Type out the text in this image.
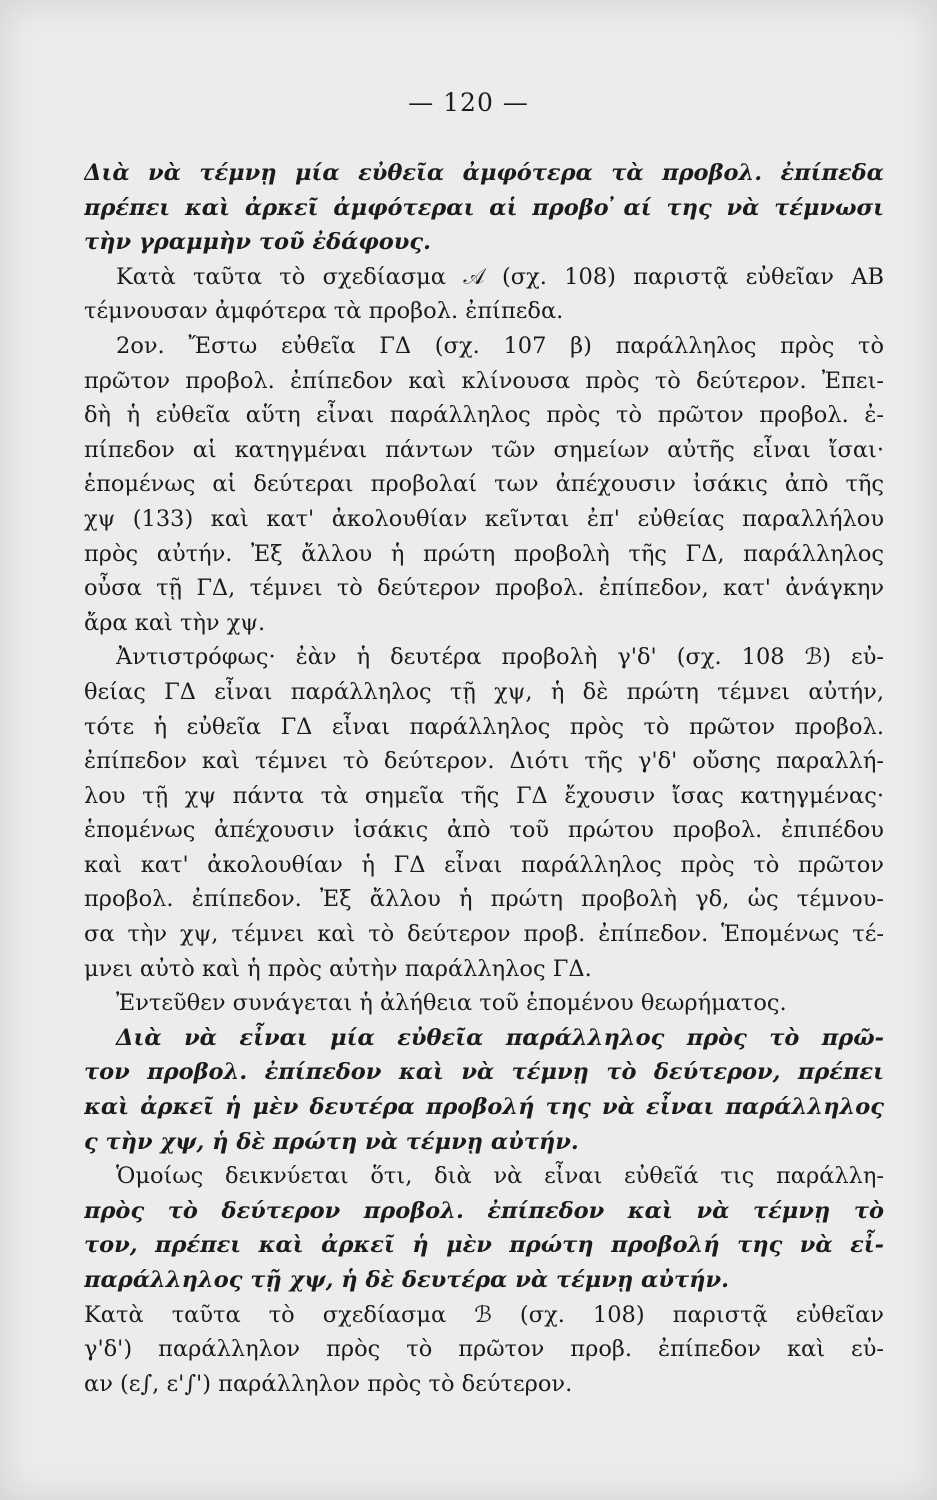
— 120 —
Διὰ νὰ τέμνῃ μία εὐθεῖα ἀμφότερα τὰ προβολ. ἐπίπεδα
πρέπει καὶ ἀρκεῖ ἀμφότεραι αἱ προβο ̓αί της νὰ τέμνωσι
τὴν γραμμὴν τοῦ ἐδάφους.
Κατὰ ταῦτα τὸ σχεδίασμα 𝒜 (σχ. 108) παριστᾷ εὐθεῖαν ΑΒ
τέμνουσαν ἀμφότερα τὰ προβολ. ἐπίπεδα.
2ον. Ἔστω εὐθεῖα ΓΔ (σχ. 107 β) παράλληλος πρὸς τὸ
πρῶτον προβολ. ἐπίπεδον καὶ κλίνουσα πρὸς τὸ δεύτερον. Ἐπει-
δὴ ἡ εὐθεῖα αὕτη εἶναι παράλληλος πρὸς τὸ πρῶτον προβολ. ἐ-
πίπεδον αἱ κατηγμέναι πάντων τῶν σημείων αὐτῆς εἶναι ἴσαι·
ἑπομένως αἱ δεύτεραι προβολαί των ἀπέχουσιν ἰσάκις ἀπὸ τῆς
χψ (133) καὶ κατ' ἀκολουθίαν κεῖνται ἐπ' εὐθείας παραλλήλου
πρὸς αὐτήν. Ἐξ ἄλλου ἡ πρώτη προβολὴ τῆς ΓΔ, παράλληλος
οὖσα τῇ ΓΔ, τέμνει τὸ δεύτερον προβολ. ἐπίπεδον, κατ' ἀνάγκην
ἄρα καὶ τὴν χψ.
Ἀντιστρόφως· ἐὰν ἡ δευτέρα προβολὴ γ'δ' (σχ. 108 ℬ) εὐ-
θείας ΓΔ εἶναι παράλληλος τῇ χψ, ἡ δὲ πρώτη τέμνει αὐτήν,
τότε ἡ εὐθεῖα ΓΔ εἶναι παράλληλος πρὸς τὸ πρῶτον προβολ.
ἐπίπεδον καὶ τέμνει τὸ δεύτερον. Διότι τῆς γ'δ' οὔσης παραλλή-
λου τῇ χψ πάντα τὰ σημεῖα τῆς ΓΔ ἔχουσιν ἴσας κατηγμένας·
ἑπομένως ἀπέχουσιν ἰσάκις ἀπὸ τοῦ πρώτου προβολ. ἐπιπέδου
καὶ κατ' ἀκολουθίαν ἡ ΓΔ εἶναι παράλληλος πρὸς τὸ πρῶτον
προβολ. ἐπίπεδον. Ἐξ ἄλλου ἡ πρώτη προβολὴ γδ, ὡς τέμνου-
σα τὴν χψ, τέμνει καὶ τὸ δεύτερον προβ. ἐπίπεδον. Ἑπομένως τέ-
μνει αὐτὸ καὶ ἡ πρὸς αὐτὴν παράλληλος ΓΔ.
Ἐντεῦθεν συνάγεται ἡ ἀλήθεια τοῦ ἑπομένου θεωρήματος.
Διὰ νὰ εἶναι μία εὐθεῖα παράλληλος πρὸς τὸ πρῶ-
τον προβολ. ἐπίπεδον καὶ νὰ τέμνῃ τὸ δεύτερον, πρέπει
καὶ ἀρκεῖ ἡ μὲν δευτέρα προβολή της νὰ εἶναι παράλληλος
ς τὴν χψ, ἡ δὲ πρώτη νὰ τέμνῃ αὐτήν.
Ὁμοίως δεικνύεται ὅτι, διὰ νὰ εἶναι εὐθεῖά τις παράλλη-
πρὸς τὸ δεύτερον προβολ. ἐπίπεδον καὶ νὰ τέμνῃ τὸ
τον, πρέπει καὶ ἀρκεῖ ἡ μὲν πρώτη προβολή της νὰ εἶ-
παράλληλος τῇ χψ, ἡ δὲ δευτέρα νὰ τέμνῃ αὐτήν.
Κατὰ ταῦτα τὸ σχεδίασμα ℬ (σχ. 108) παριστᾷ εὐθεῖαν
γ'δ') παράλληλον πρὸς τὸ πρῶτον προβ. ἐπίπεδον καὶ εὐ-
αν (ε∫, ε'∫') παράλληλον πρὸς τὸ δεύτερον.
